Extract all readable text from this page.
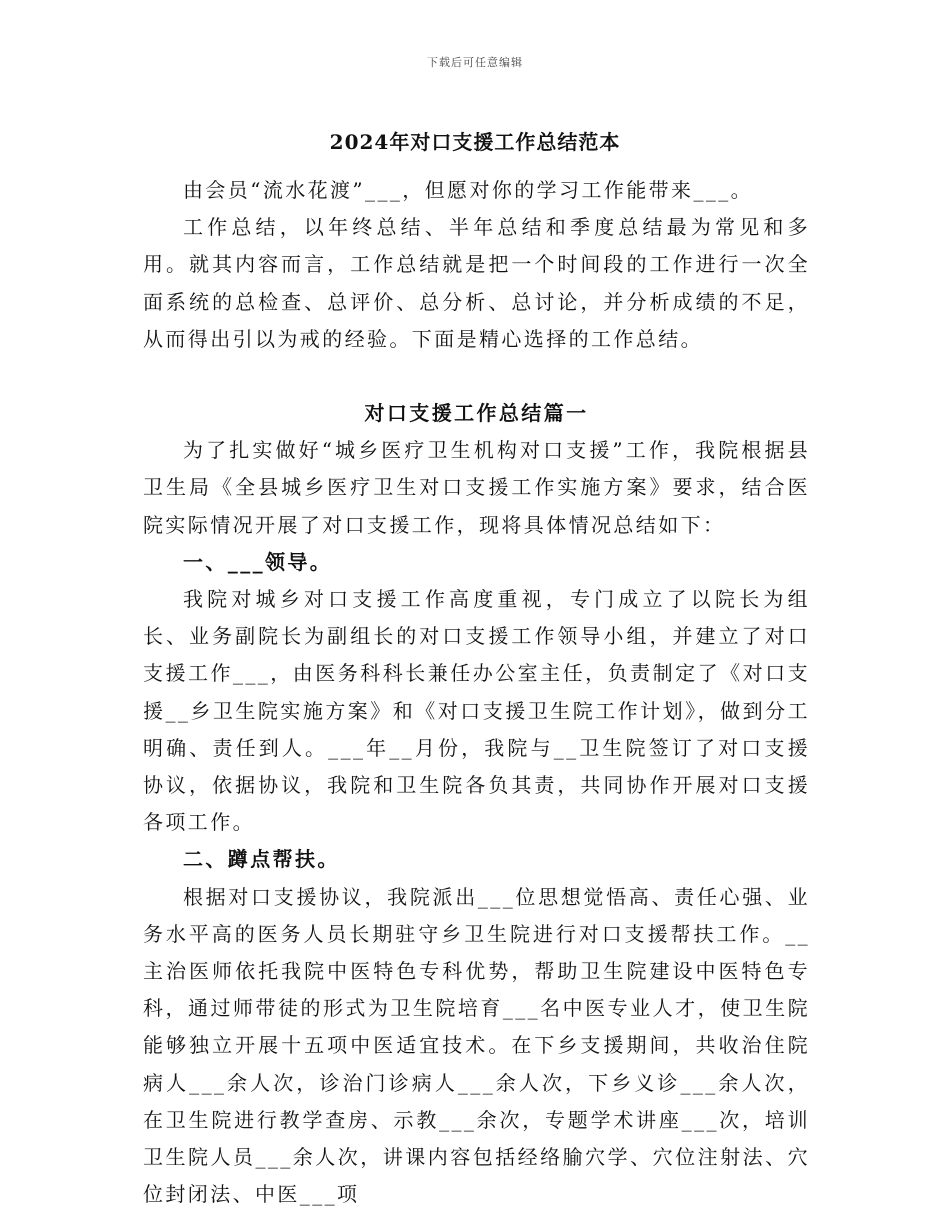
下载后可任意编辑
2024年对口支援工作总结范本

由会员“流水花渡”___，但愿对你的学习工作能带来___。

工作总结，以年终总结、半年总结和季度总结最为常见和多用。就其内容而言，工作总结就是把一个时间段的工作进行一次全面系统的总检查、总评价、总分析、总讨论，并分析成绩的不足，从而得出引以为戒的经验。下面是精心选择的工作总结。

对口支援工作总结篇一

为了扎实做好“城乡医疗卫生机构对口支援”工作，我院根据县卫生局《全县城乡医疗卫生对口支援工作实施方案》要求，结合医院实际情况开展了对口支援工作，现将具体情况总结如下：

一、___领导。

我院对城乡对口支援工作高度重视，专门成立了以院长为组长、业务副院长为副组长的对口支援工作领导小组，并建立了对口支援工作___，由医务科科长兼任办公室主任，负责制定了《对口支援__乡卫生院实施方案》和《对口支援卫生院工作计划》，做到分工明确、责任到人。___年__月份，我院与__卫生院签订了对口支援协议，依据协议，我院和卫生院各负其责，共同协作开展对口支援各项工作。

二、蹲点帮扶。

根据对口支援协议，我院派出___位思想觉悟高、责任心强、业务水平高的医务人员长期驻守乡卫生院进行对口支援帮扶工作。__主治医师依托我院中医特色专科优势，帮助卫生院建设中医特色专科，通过师带徒的形式为卫生院培育___名中医专业人才，使卫生院能够独立开展十五项中医适宜技术。在下乡支援期间，共收治住院病人___余人次，诊治门诊病人___余人次，下乡义诊___余人次，在卫生院进行教学查房、示教___余次，专题学术讲座___次，培训卫生院人员___余人次，讲课内容包括经络腧穴学、穴位注射法、穴位封闭法、中医___项
